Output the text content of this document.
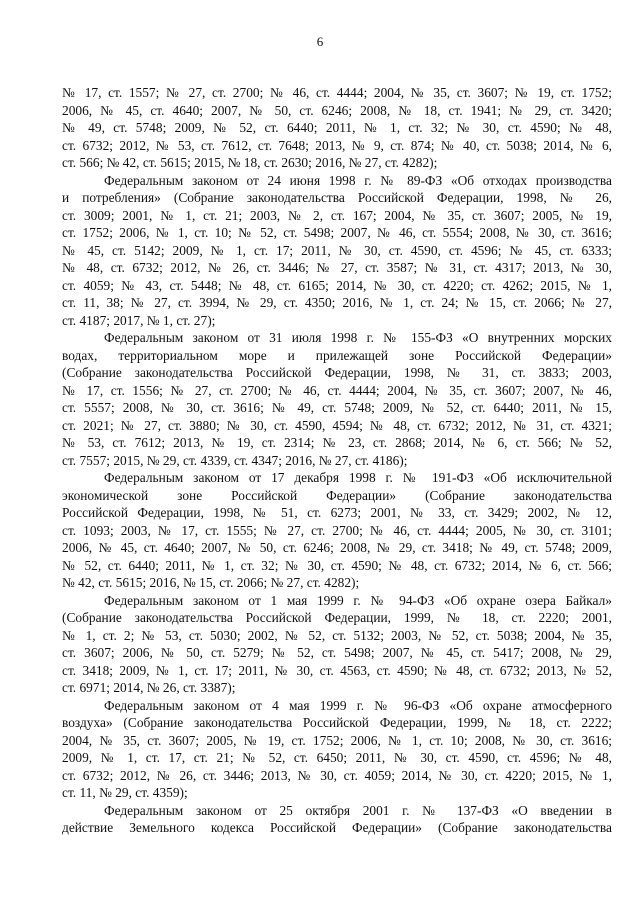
6

№ 17, ст. 1557; № 27, ст. 2700; № 46, ст. 4444; 2004, № 35, ст. 3607; № 19, ст. 1752;
2006, № 45, ст. 4640; 2007, № 50, ст. 6246; 2008, № 18, ст. 1941; № 29, ст. 3420;
№ 49, ст. 5748; 2009, № 52, ст. 6440; 2011, № 1, ст. 32; № 30, ст. 4590; № 48,
ст. 6732; 2012, № 53, ст. 7612, ст. 7648; 2013, № 9, ст. 874; № 40, ст. 5038; 2014, № 6,
ст. 566; № 42, ст. 5615; 2015, № 18, ст. 2630; 2016, № 27, ст. 4282);

Федеральным законом от 24 июня 1998 г. № 89-ФЗ «Об отходах производства
и потребления» (Собрание законодательства Российской Федерации, 1998, № 26,
ст. 3009; 2001, № 1, ст. 21; 2003, № 2, ст. 167; 2004, № 35, ст. 3607; 2005, № 19,
ст. 1752; 2006, № 1, ст. 10; № 52, ст. 5498; 2007, № 46, ст. 5554; 2008, № 30, ст. 3616;
№ 45, ст. 5142; 2009, № 1, ст. 17; 2011, № 30, ст. 4590, ст. 4596; № 45, ст. 6333;
№ 48, ст. 6732; 2012, № 26, ст. 3446; № 27, ст. 3587; № 31, ст. 4317; 2013, № 30,
ст. 4059; № 43, ст. 5448; № 48, ст. 6165; 2014, № 30, ст. 4220; ст. 4262; 2015, № 1,
ст. 11, 38; № 27, ст. 3994, № 29, ст. 4350; 2016, № 1, ст. 24; № 15, ст. 2066; № 27,
ст. 4187; 2017, № 1, ст. 27);

Федеральным законом от 31 июля 1998 г. № 155-ФЗ «О внутренних морских
водах, территориальном море и прилежащей зоне Российской Федерации»
(Собрание законодательства Российской Федерации, 1998, № 31, ст. 3833; 2003,
№ 17, ст. 1556; № 27, ст. 2700; № 46, ст. 4444; 2004, № 35, ст. 3607; 2007, № 46,
ст. 5557; 2008, № 30, ст. 3616; № 49, ст. 5748; 2009, № 52, ст. 6440; 2011, № 15,
ст. 2021; № 27, ст. 3880; № 30, ст. 4590, 4594; № 48, ст. 6732; 2012, № 31, ст. 4321;
№ 53, ст. 7612; 2013, № 19, ст. 2314; № 23, ст. 2868; 2014, № 6, ст. 566; № 52,
ст. 7557; 2015, № 29, ст. 4339, ст. 4347; 2016, № 27, ст. 4186);

Федеральным законом от 17 декабря 1998 г. № 191-ФЗ «Об исключительной
экономической зоне Российской Федерации» (Собрание законодательства
Российской Федерации, 1998, № 51, ст. 6273; 2001, № 33, ст. 3429; 2002, № 12,
ст. 1093; 2003, № 17, ст. 1555; № 27, ст. 2700; № 46, ст. 4444; 2005, № 30, ст. 3101;
2006, № 45, ст. 4640; 2007, № 50, ст. 6246; 2008, № 29, ст. 3418; № 49, ст. 5748; 2009,
№ 52, ст. 6440; 2011, № 1, ст. 32; № 30, ст. 4590; № 48, ст. 6732; 2014, № 6, ст. 566;
№ 42, ст. 5615; 2016, № 15, ст. 2066; № 27, ст. 4282);

Федеральным законом от 1 мая 1999 г. № 94-ФЗ «Об охране озера Байкал»
(Собрание законодательства Российской Федерации, 1999, № 18, ст. 2220; 2001,
№ 1, ст. 2; № 53, ст. 5030; 2002, № 52, ст. 5132; 2003, № 52, ст. 5038; 2004, № 35,
ст. 3607; 2006, № 50, ст. 5279; № 52, ст. 5498; 2007, № 45, ст. 5417; 2008, № 29,
ст. 3418; 2009, № 1, ст. 17; 2011, № 30, ст. 4563, ст. 4590; № 48, ст. 6732; 2013, № 52,
ст. 6971; 2014, № 26, ст. 3387);

Федеральным законом от 4 мая 1999 г. № 96-ФЗ «Об охране атмосферного
воздуха» (Собрание законодательства Российской Федерации, 1999, № 18, ст. 2222;
2004, № 35, ст. 3607; 2005, № 19, ст. 1752; 2006, № 1, ст. 10; 2008, № 30, ст. 3616;
2009, № 1, ст. 17, ст. 21; № 52, ст. 6450; 2011, № 30, ст. 4590, ст. 4596; № 48,
ст. 6732; 2012, № 26, ст. 3446; 2013, № 30, ст. 4059; 2014, № 30, ст. 4220; 2015, № 1,
ст. 11, № 29, ст. 4359);

Федеральным законом от 25 октября 2001 г. № 137-ФЗ «О введении в
действие Земельного кодекса Российской Федерации» (Собрание законодательства
